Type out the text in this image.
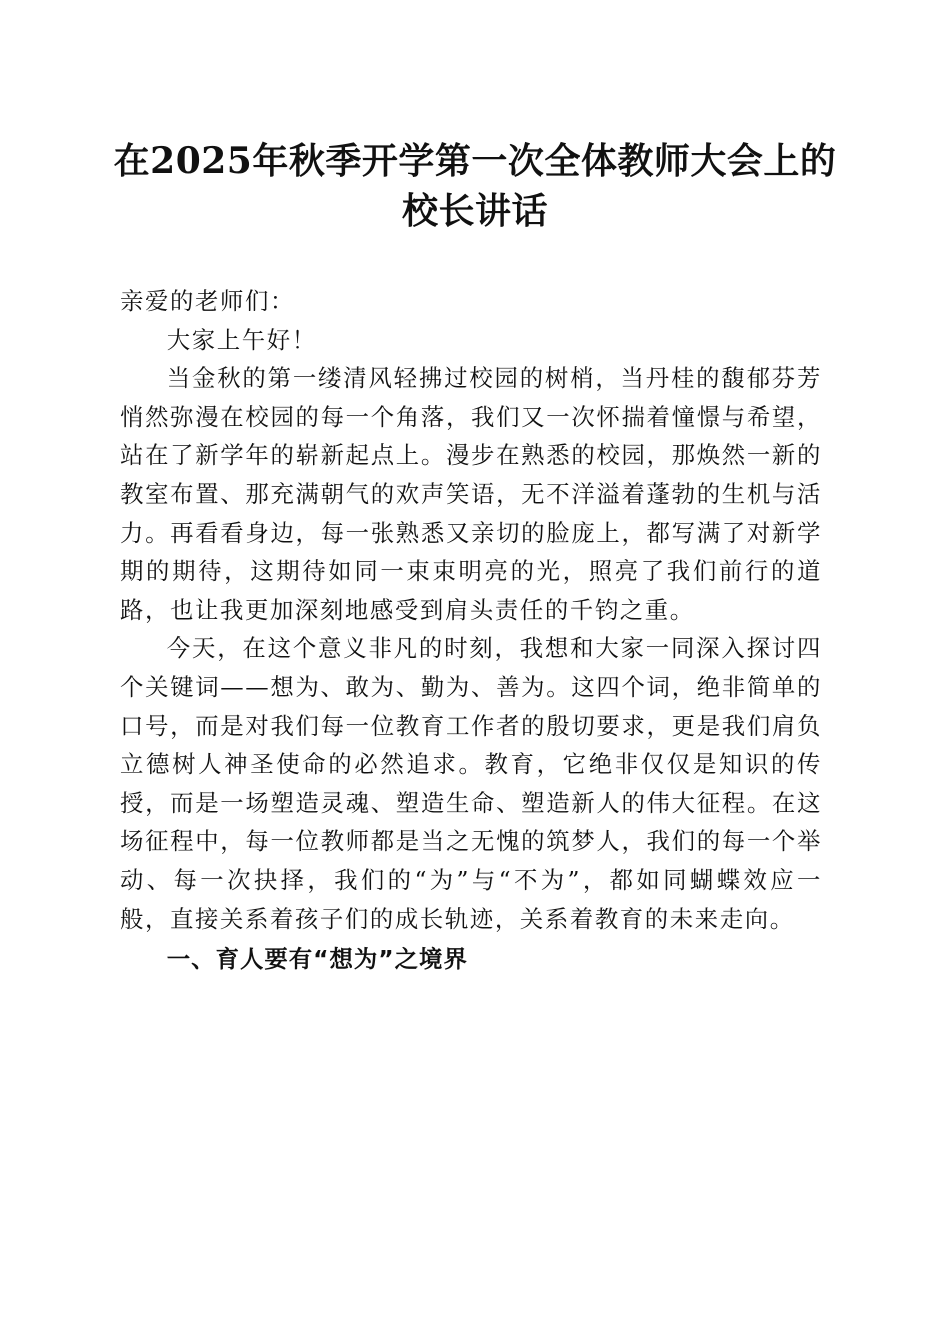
在2025年秋季开学第一次全体教师大会上的
校长讲话

亲爱的老师们：

大家上午好！

当金秋的第一缕清风轻拂过校园的树梢，当丹桂的馥郁芬芳悄然弥漫在校园的每一个角落，我们又一次怀揣着憧憬与希望，站在了新学年的崭新起点上。漫步在熟悉的校园，那焕然一新的教室布置、那充满朝气的欢声笑语，无不洋溢着蓬勃的生机与活力。再看看身边，每一张熟悉又亲切的脸庞上，都写满了对新学期的期待，这期待如同一束束明亮的光，照亮了我们前行的道路，也让我更加深刻地感受到肩头责任的千钧之重。

今天，在这个意义非凡的时刻，我想和大家一同深入探讨四个关键词——想为、敢为、勤为、善为。这四个词，绝非简单的口号，而是对我们每一位教育工作者的殷切要求，更是我们肩负立德树人神圣使命的必然追求。教育，它绝非仅仅是知识的传授，而是一场塑造灵魂、塑造生命、塑造新人的伟大征程。在这场征程中，每一位教师都是当之无愧的筑梦人，我们的每一个举动、每一次抉择，我们的“为”与“不为”，都如同蝴蝶效应一般，直接关系着孩子们的成长轨迹，关系着教育的未来走向。

一、育人要有“想为”之境界
